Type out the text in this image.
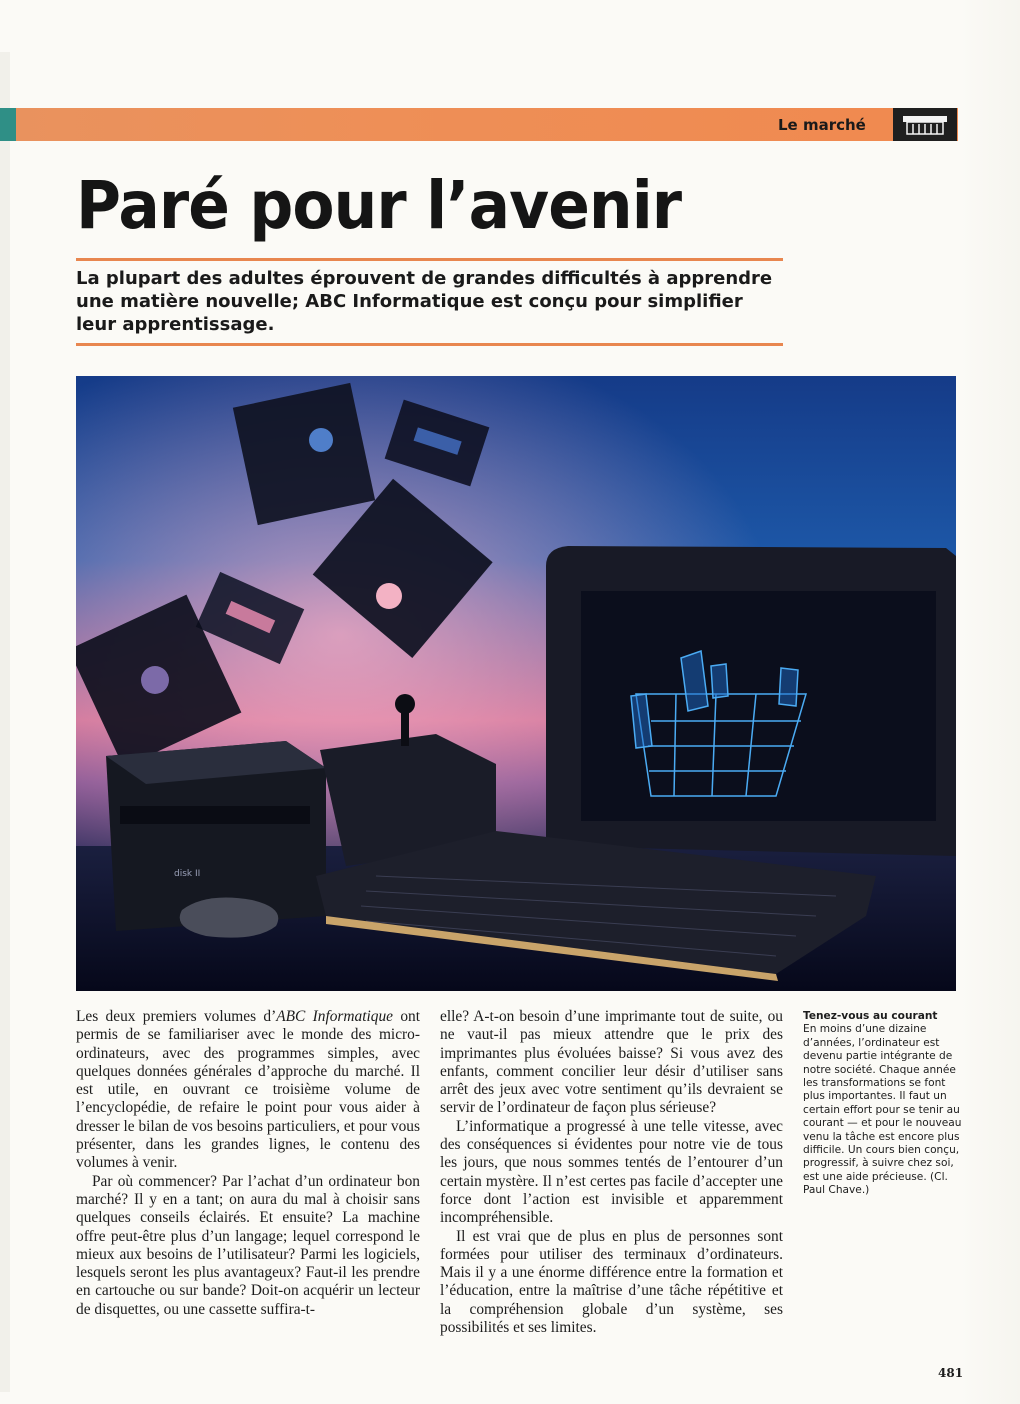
Le marché
Paré pour l’avenir

La plupart des adultes éprouvent de grandes difficultés à apprendre une matière nouvelle; ABC Informatique est conçu pour simplifier leur apprentissage.

disk II

Les deux premiers volumes d’ABC Informatique ont permis de se familiariser avec le monde des micro-ordinateurs, avec des programmes simples, avec quelques données générales d’approche du marché. Il est utile, en ouvrant ce troisième volume de l’encyclopédie, de refaire le point pour vous aider à dresser le bilan de vos besoins particuliers, et pour vous présenter, dans les grandes lignes, le contenu des volumes à venir.

Par où commencer? Par l’achat d’un ordinateur bon marché? Il y en a tant; on aura du mal à choisir sans quelques conseils éclairés. Et ensuite? La machine offre peut-être plus d’un langage; lequel correspond le mieux aux besoins de l’utilisateur? Parmi les logiciels, lesquels seront les plus avantageux? Faut-il les prendre en cartouche ou sur bande? Doit-on acquérir un lecteur de disquettes, ou une cassette suffira-t-

elle? A-t-on besoin d’une imprimante tout de suite, ou ne vaut-il pas mieux attendre que le prix des imprimantes plus évoluées baisse? Si vous avez des enfants, comment concilier leur désir d’utiliser sans arrêt des jeux avec votre sentiment qu’ils devraient se servir de l’ordinateur de façon plus sérieuse?

L’informatique a progressé à une telle vitesse, avec des conséquences si évidentes pour notre vie de tous les jours, que nous sommes tentés de l’entourer d’un certain mystère. Il n’est certes pas facile d’accepter une force dont l’action est invisible et apparemment incompréhensible.

Il est vrai que de plus en plus de personnes sont formées pour utiliser des terminaux d’ordinateurs. Mais il y a une énorme différence entre la formation et l’éducation, entre la maîtrise d’une tâche répétitive et la compréhension globale d’un système, ses possibilités et ses limites.

Tenez-vous au courant
En moins d’une dizaine d’années, l’ordinateur est devenu partie intégrante de notre société. Chaque année les transformations se font plus importantes. Il faut un certain effort pour se tenir au courant — et pour le nouveau venu la tâche est encore plus difficile. Un cours bien conçu, progressif, à suivre chez soi, est une aide précieuse. (Cl. Paul Chave.)
481
